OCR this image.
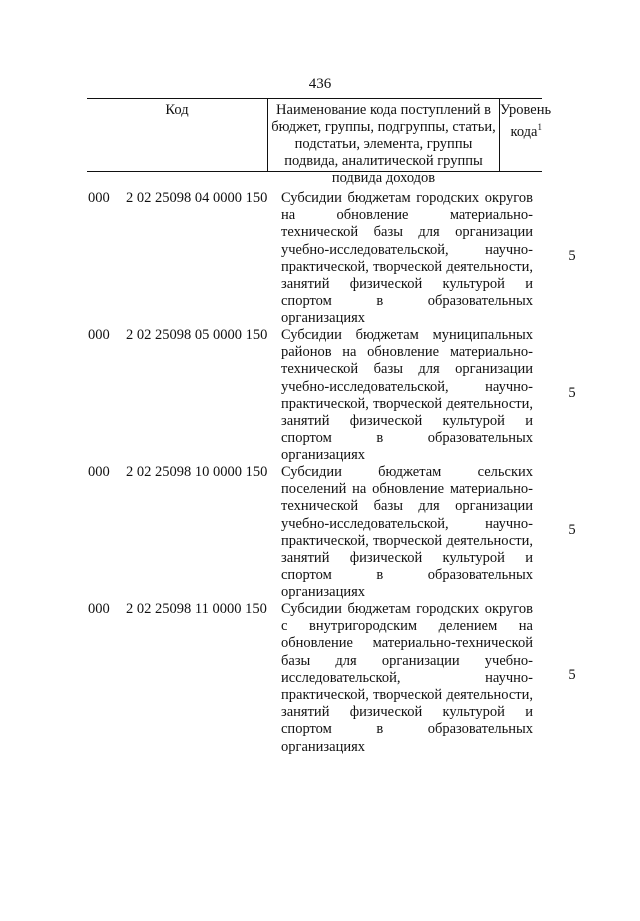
436
Код	Наименование кода поступлений в бюджет, группы, подгруппы, статьи, подстатьи, элемента, группы подвида, аналитической группы подвида доходов
Уровень кода$^1$
000 2 02 25098 04 0000 150 Субсидии бюджетам городских округов на обновление материально-технической базы для организации учебно-исследовательской, научно-практической, творческой деятельности, занятий физической культурой и спортом в образовательных организациях
5
000 2 02 25098 05 0000 150 Субсидии бюджетам муниципальных районов на обновление материально-технической базы для организации учебно-исследовательской, научно-практической, творческой деятельности, занятий физической культурой и спортом в образовательных организациях
5
000 2 02 25098 10 0000 150 Субсидии бюджетам сельских поселений на обновление материально-технической базы для организации учебно-исследовательской, научно-практической, творческой деятельности, занятий физической культурой и спортом в образовательных организациях
5
000 2 02 25098 11 0000 150 Субсидии бюджетам городских округов с внутригородским делением на обновление материально-технической базы для организации учебно-исследовательской, научно-практической, творческой деятельности, занятий физической культурой и спортом в образовательных организациях
5
